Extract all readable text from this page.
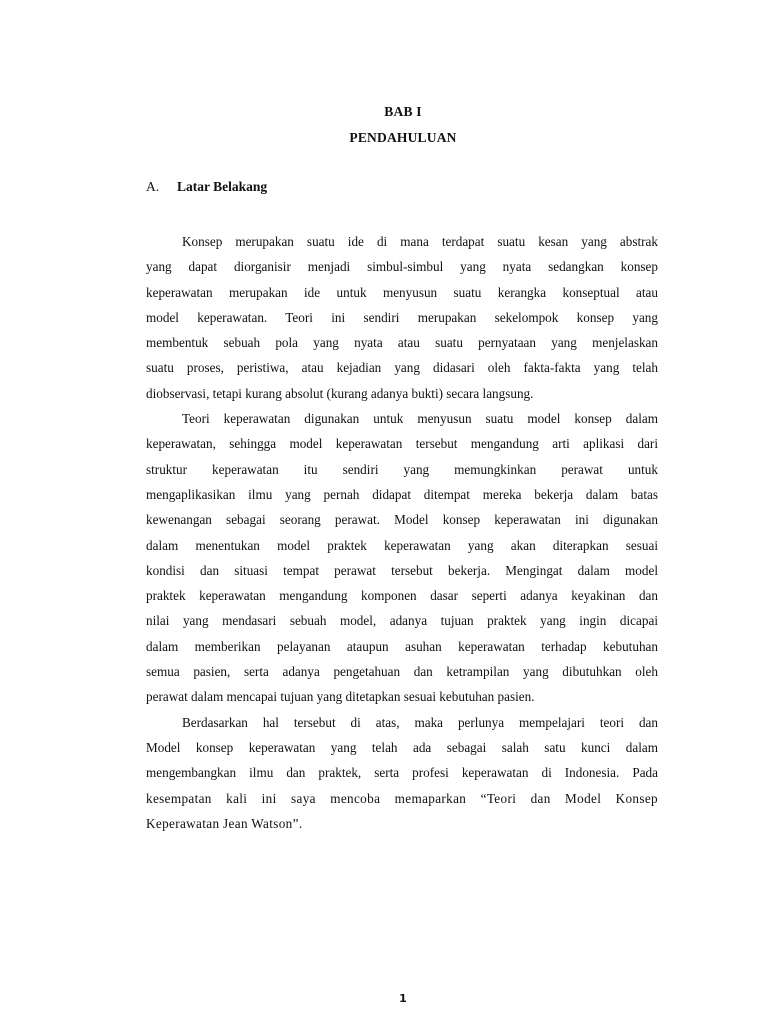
BAB I
PENDAHULUAN
A. Latar Belakang

Konsep merupakan suatu ide di mana terdapat suatu kesan yang abstrak
yang dapat diorganisir menjadi simbul-simbul yang nyata sedangkan konsep
keperawatan merupakan ide untuk menyusun suatu kerangka konseptual atau
model keperawatan. Teori ini sendiri merupakan sekelompok konsep yang
membentuk sebuah pola yang nyata atau suatu pernyataan yang menjelaskan
suatu proses, peristiwa, atau kejadian yang didasari oleh fakta-fakta yang telah
diobservasi, tetapi kurang absolut (kurang adanya bukti) secara langsung.

Teori keperawatan digunakan untuk menyusun suatu model konsep dalam
keperawatan, sehingga model keperawatan tersebut mengandung arti aplikasi dari
struktur keperawatan itu sendiri yang memungkinkan perawat untuk
mengaplikasikan ilmu yang pernah didapat ditempat mereka bekerja dalam batas
kewenangan sebagai seorang perawat. Model konsep keperawatan ini digunakan
dalam menentukan model praktek keperawatan yang akan diterapkan sesuai
kondisi dan situasi tempat perawat tersebut bekerja. Mengingat dalam model
praktek keperawatan mengandung komponen dasar seperti adanya keyakinan dan
nilai yang mendasari sebuah model, adanya tujuan praktek yang ingin dicapai
dalam memberikan pelayanan ataupun asuhan keperawatan terhadap kebutuhan
semua pasien, serta adanya pengetahuan dan ketrampilan yang dibutuhkan oleh
perawat dalam mencapai tujuan yang ditetapkan sesuai kebutuhan pasien.

Berdasarkan hal tersebut di atas, maka perlunya mempelajari teori dan
Model konsep keperawatan yang telah ada sebagai salah satu kunci dalam
mengembangkan ilmu dan praktek, serta profesi keperawatan di Indonesia. Pada
kesempatan kali ini saya mencoba memaparkan “Teori dan Model Konsep
Keperawatan Jean Watson”.

1
